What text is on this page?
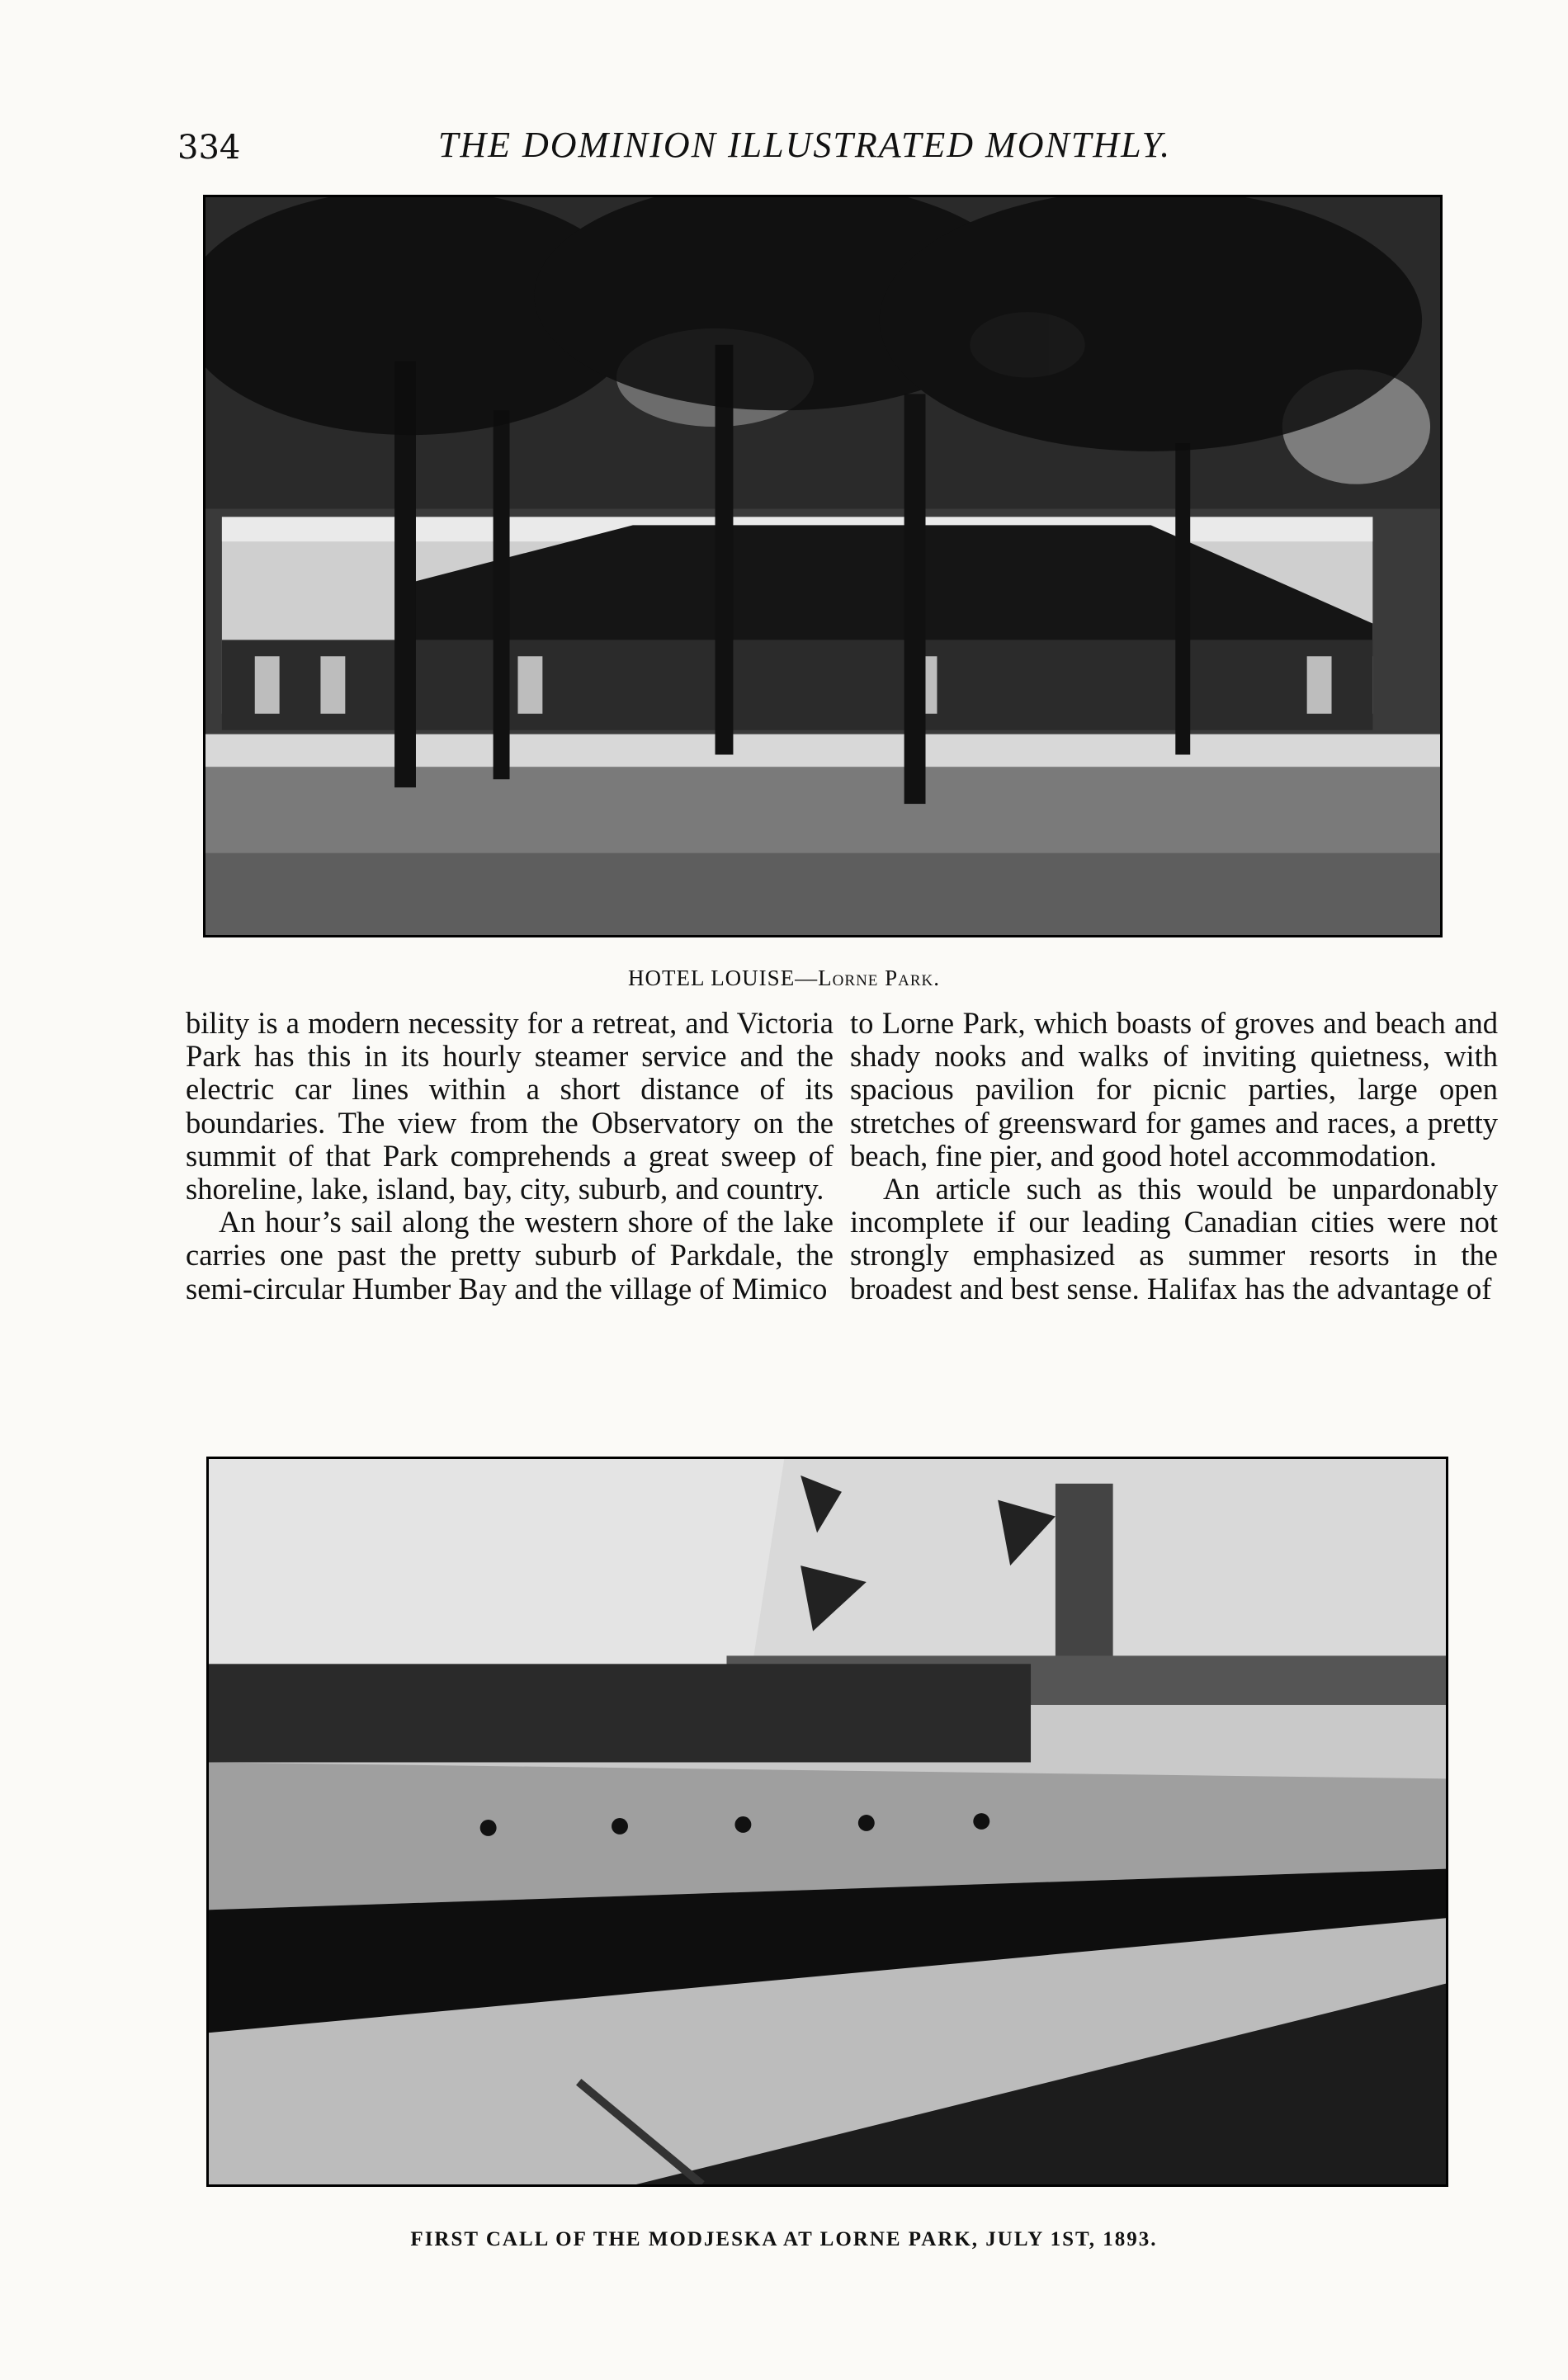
334	THE DOMINION ILLUSTRATED MONTHLY.
HOTEL LOUISE—Lorne Park.

bility is a modern necessity for a retreat, and Victoria Park has this in its hourly steamer service and the electric car lines within a short distance of its boundaries. The view from the Observatory on the summit of that Park comprehends a great sweep of shoreline, lake, island, bay, city, suburb, and country.

An hour’s sail along the western shore of the lake carries one past the pretty suburb of Parkdale, the semi-circular Humber Bay and the village of Mimico

to Lorne Park, which boasts of groves and beach and shady nooks and walks of inviting quietness, with spacious pavilion for picnic parties, large open stretches of greensward for games and races, a pretty beach, fine pier, and good hotel accommodation.

An article such as this would be unpardonably incomplete if our leading Canadian cities were not strongly emphasized as summer resorts in the broadest and best sense. Halifax has the advantage of

FIRST CALL OF THE MODJESKA AT LORNE PARK, JULY 1ST, 1893.
